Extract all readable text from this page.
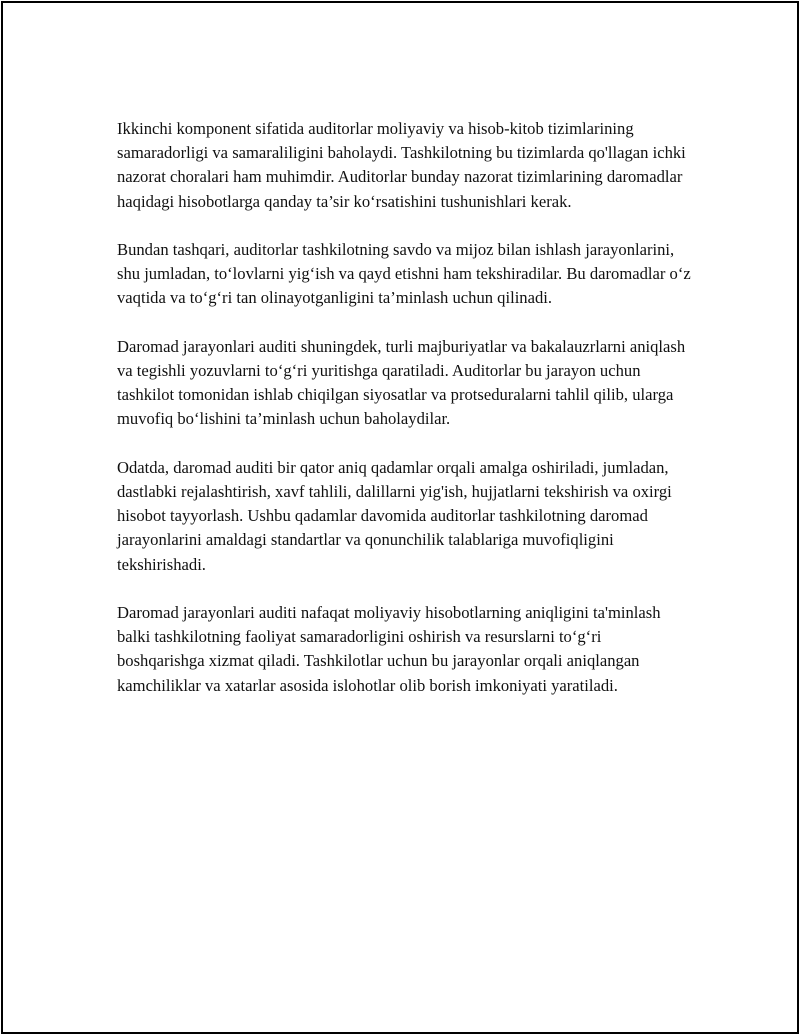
Ikkinchi komponent sifatida auditorlar moliyaviy va hisob-kitob tizimlarining samaradorligi va samaraliligini baholaydi. Tashkilotning bu tizimlarda qo'llagan ichki nazorat choralari ham muhimdir. Auditorlar bunday nazorat tizimlarining daromadlar haqidagi hisobotlarga qanday ta’sir ko‘rsatishini tushunishlari kerak.

Bundan tashqari, auditorlar tashkilotning savdo va mijoz bilan ishlash jarayonlarini, shu jumladan, to‘lovlarni yig‘ish va qayd etishni ham tekshiradilar. Bu daromadlar o‘z vaqtida va to‘g‘ri tan olinayotganligini ta’minlash uchun qilinadi.

Daromad jarayonlari auditi shuningdek, turli majburiyatlar va bakalauzrlarni aniqlash va tegishli yozuvlarni to‘g‘ri yuritishga qaratiladi. Auditorlar bu jarayon uchun tashkilot tomonidan ishlab chiqilgan siyosatlar va protseduralarni tahlil qilib, ularga muvofiq bo‘lishini ta’minlash uchun baholaydilar.

Odatda, daromad auditi bir qator aniq qadamlar orqali amalga oshiriladi, jumladan, dastlabki rejalashtirish, xavf tahlili, dalillarni yig'ish, hujjatlarni tekshirish va oxirgi hisobot tayyorlash. Ushbu qadamlar davomida auditorlar tashkilotning daromad jarayonlarini amaldagi standartlar va qonunchilik talablariga muvofiqligini tekshirishadi.

Daromad jarayonlari auditi nafaqat moliyaviy hisobotlarning aniqligini ta'minlash balki tashkilotning faoliyat samaradorligini oshirish va resurslarni to‘g‘ri boshqarishga xizmat qiladi. Tashkilotlar uchun bu jarayonlar orqali aniqlangan kamchiliklar va xatarlar asosida islohotlar olib borish imkoniyati yaratiladi.
